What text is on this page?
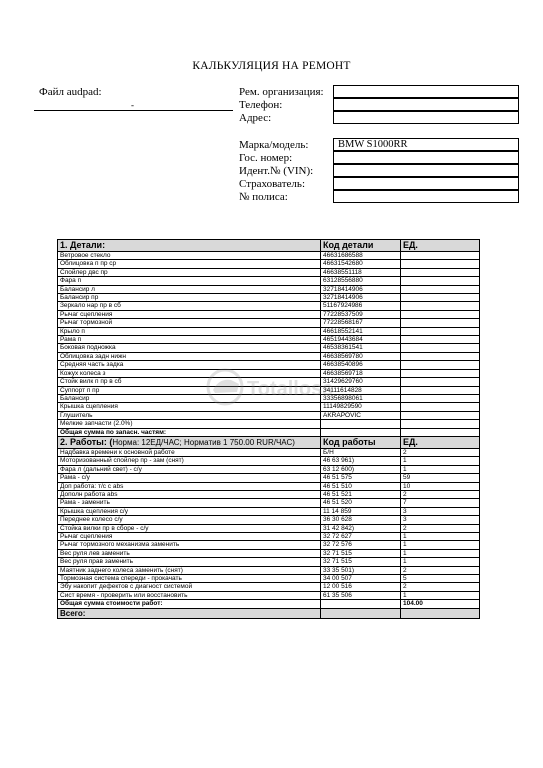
КАЛЬКУЛЯЦИЯ НА РЕМОНТ
Файл audpad:
-
Рем. организация:
Телефон:
Адрес:
Марка/модель:	BMW S1000RR
Гос. номер:
Идент.№ (VIN):
Страхователь:
№ полиса:
1. Детали:	Код детали	ЕД.
Ветровое стекло	46631686588	
Облицовка п пр ср	46631542680	
Спойлер двс пр	46638551118	
Фара п	63128556880	
Балансир л	32718414906	
Балансир пр	32718414906	
Зеркало нар пр в сб	51167924986	
Рычаг сцепления	77228537509	
Рычаг тормозной	77228568167	
Крыло п	46618552141	
Рама п	46519443684	
Боковая подножка	46538361541	
Облицовка задн нижн	46638569780	
Средняя часть задка	46638540896	
Кожух колеса з	46638569718	
Стойк вилк п пр в сб	31429629760	
Суппорт п пр	34111614828	
Балансир	33356898061	
Крышка сцепления	11149829590	
Глушитель	AKRAPOVIC	
Мелкие запчасти (2.0%)		
Общая сумма по запасн. частям:		
2. Работы: (Норма: 12ЕД/ЧАС; Норматив 1 750.00 RUR/ЧАС)	Код работы	ЕД.
Надбавка времени к основной работе	Б/Н	2
Моторизованный спойлер пр - зам (снят)	46 63 961)	1
Фара л (дальний свет) - с/у	63 12 600)	1
Рама - с/у	46 51 575	59
Доп работа: т/с с abs	46 51 510	10
Дополн работа abs	46 51 521	2
Рама - заменить	46 51 520	7
Крышка сцепления с/у	11 14 859	3
Переднее колесо с/у	36 30 628	3
Стойка вилки пр в сборе - с/у	31 42 842)	2
Рычаг сцепления	32 72 627	1
Рычаг тормозного механизма заменить	32 72 576	1
Вес руля лев заменить	32 71 515	1
Вес руля прав заменить	32 71 515	1
Маятник заднего колеса заменить (снят)	33 35 501)	2
Тормозная система спереди - прокачать	34 00 507	5
Эбу накопит дефектов с диагност системой	12 00 516	2
Сист время - проверить или восстановить	61 35 506	1
Общая сумма стоимости работ:		104.00
Всего:		
Totalloss
